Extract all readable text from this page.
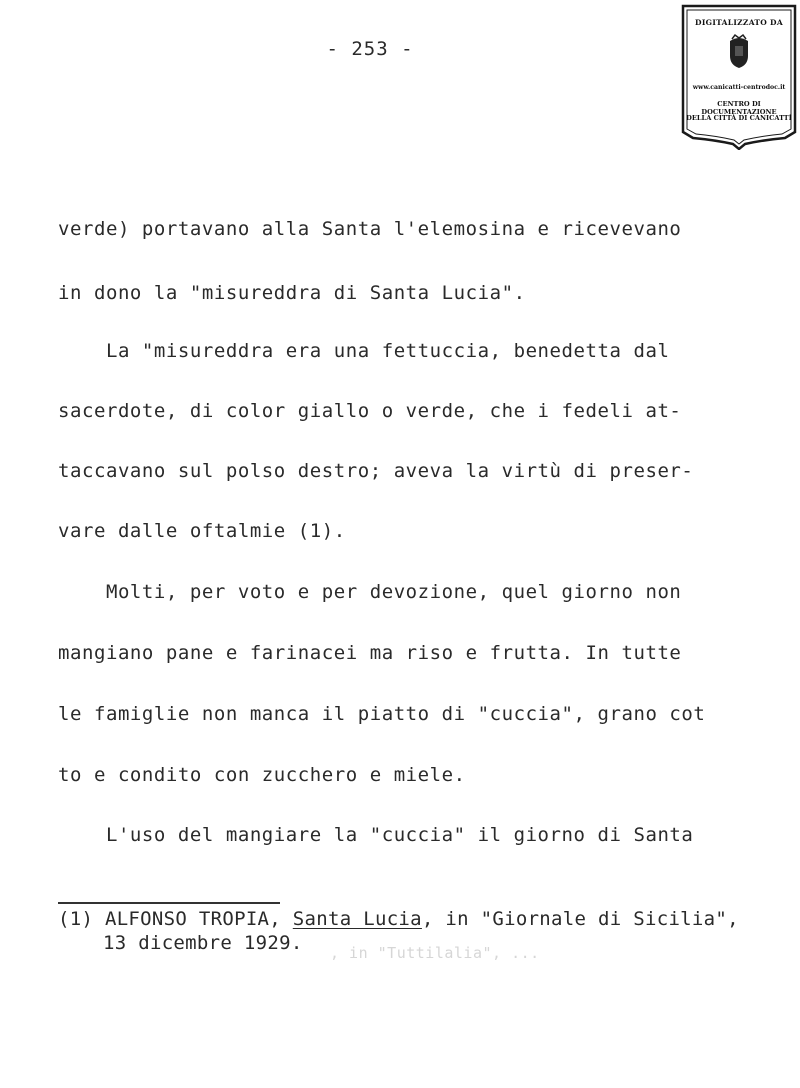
- 253 -
DIGITALIZZATO DA
www.canicatti-centrodoc.it
CENTRO DI DOCUMENTAZIONE
DELLA CITTÀ DI CANICATTÌ
verde) portavano alla Santa l'elemosina e ricevevano
in dono la "misureddra di Santa Lucia".
La "misureddra era una fettuccia, benedetta dal
sacerdote, di color giallo o verde, che i fedeli at-
taccavano sul polso destro; aveva la virtù di preser-
vare dalle oftalmie (1).
Molti, per voto e per devozione, quel giorno non
mangiano pane e farinacei ma riso e frutta. In tutte
le famiglie non manca il piatto di "cuccia", grano cot
to e condito con zucchero e miele.
L'uso del mangiare la "cuccia" il giorno di Santa
, in "Tuttilalia", ...
(1) ALFONSO TROPIA, Santa Lucia, in "Giornale di Sicilia",
13 dicembre 1929.
